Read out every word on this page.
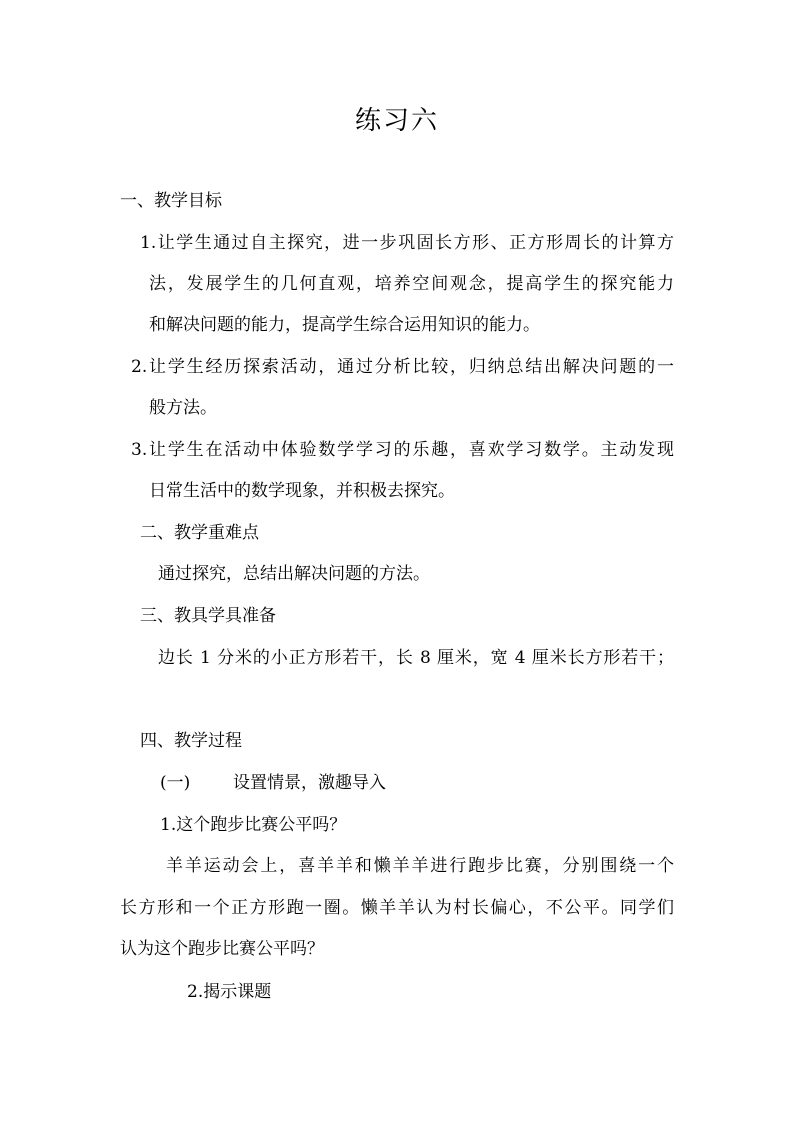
练习六
一、教学目标
1.让学生通过自主探究，进一步巩固长方形、正方形周长的计算方
法，发展学生的几何直观，培养空间观念，提高学生的探究能力
和解决问题的能力，提高学生综合运用知识的能力。
2.让学生经历探索活动，通过分析比较，归纳总结出解决问题的一
般方法。
3.让学生在活动中体验数学学习的乐趣，喜欢学习数学。主动发现
日常生活中的数学现象，并积极去探究。
二、教学重难点
通过探究，总结出解决问题的方法。
三、教具学具准备
边长 1 分米的小正方形若干，长 8 厘米，宽 4 厘米长方形若干；
四、教学过程
(一)	设置情景，激趣导入
1.这个跑步比赛公平吗？
羊羊运动会上，喜羊羊和懒羊羊进行跑步比赛，分别围绕一个
长方形和一个正方形跑一圈。懒羊羊认为村长偏心，不公平。同学们
认为这个跑步比赛公平吗？
2.揭示课题
